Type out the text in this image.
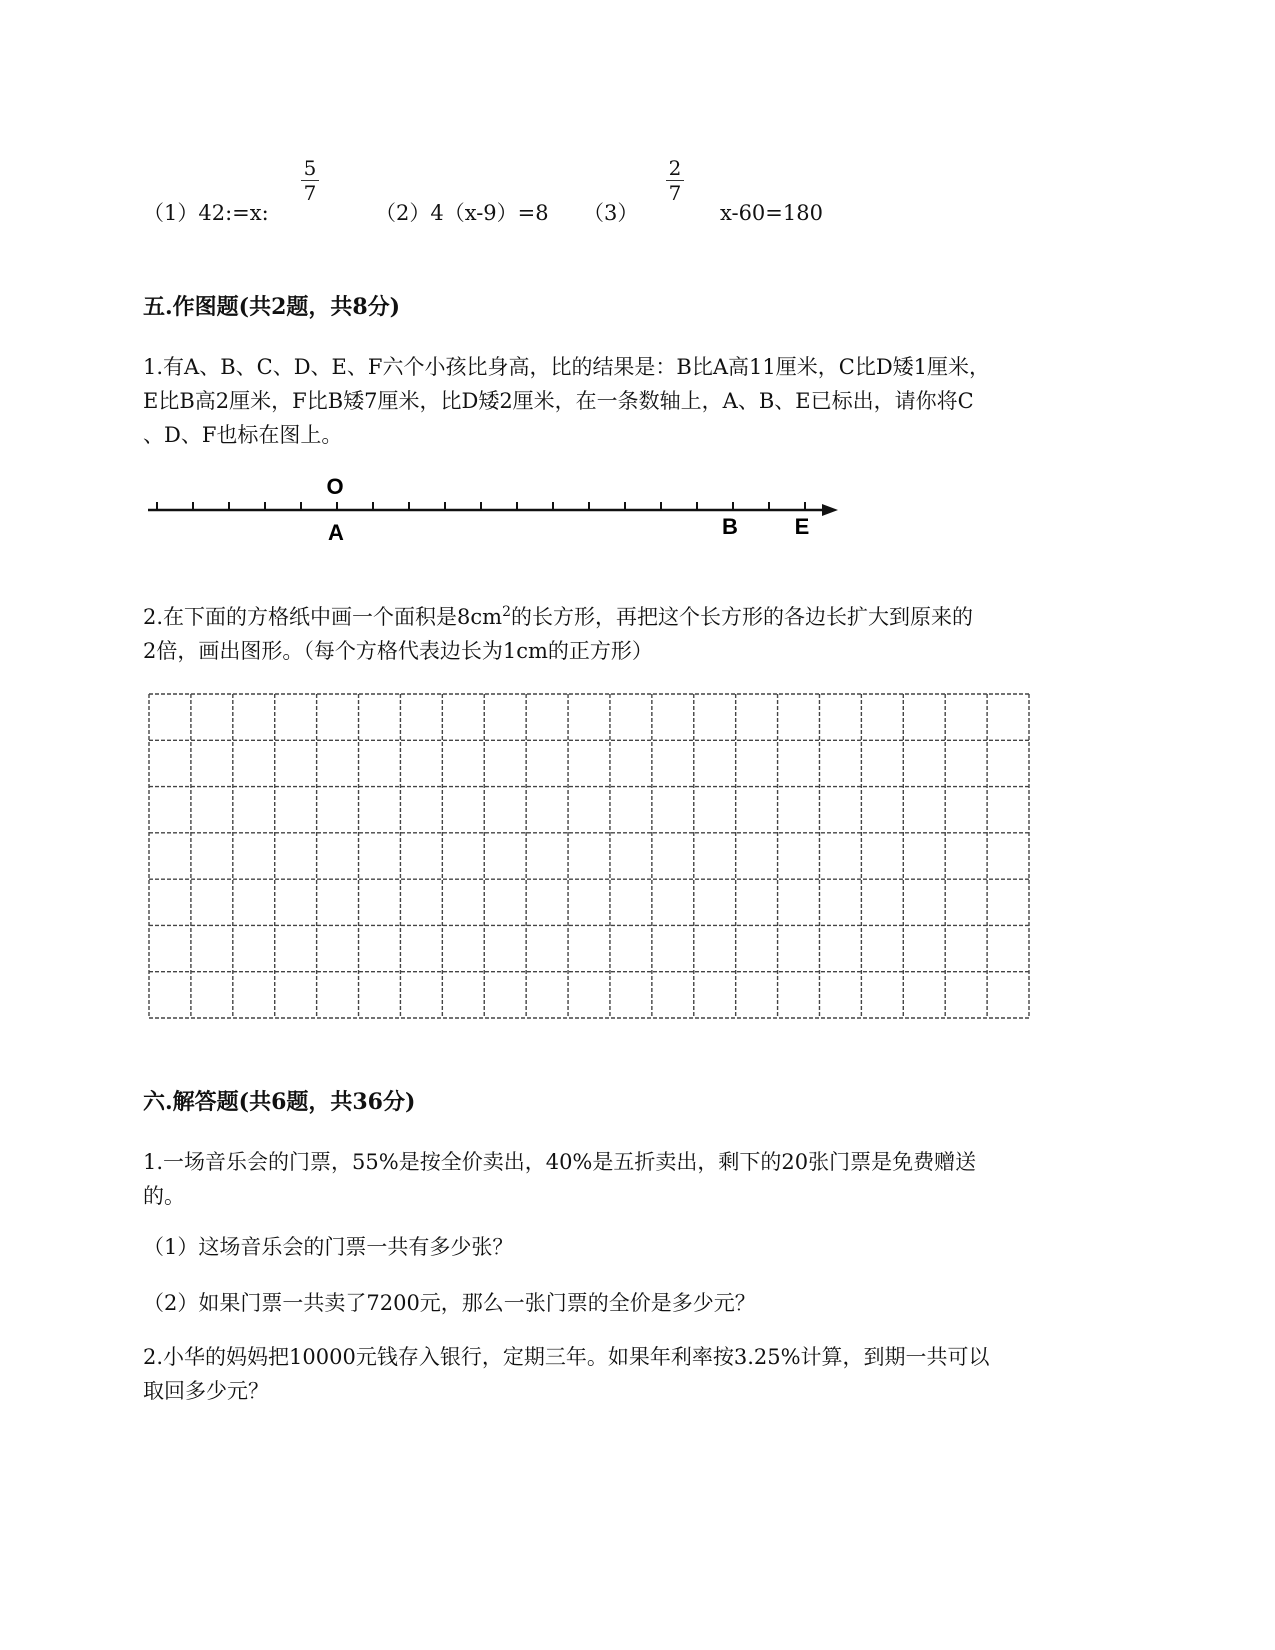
（1）42:=x:
5
7
（2）4（x-9）=8 （3）
2
7
x-60=180
五.作图题(共2题，共8分)
1.有A、B、C、D、E、F六个小孩比身高，比的结果是：B比A高11厘米，C比D矮1厘米，
E比B高2厘米，F比B矮7厘米，比D矮2厘米，在一条数轴上，A、B、E已标出，请你将C
、D、F也标在图上。
O
A	B	E
2.在下面的方格纸中画一个面积是$8cm^2$的长方形，再把这个长方形的各边长扩大到原来的
2倍，画出图形。（每个方格代表边长为1cm的正方形）
六.解答题(共6题，共36分)
1.一场音乐会的门票，55%是按全价卖出，40%是五折卖出，剩下的20张门票是免费赠送
的。
（1）这场音乐会的门票一共有多少张？
（2）如果门票一共卖了7200元，那么一张门票的全价是多少元？
2.小华的妈妈把10000元钱存入银行，定期三年。如果年利率按3.25%计算，到期一共可以
取回多少元？
